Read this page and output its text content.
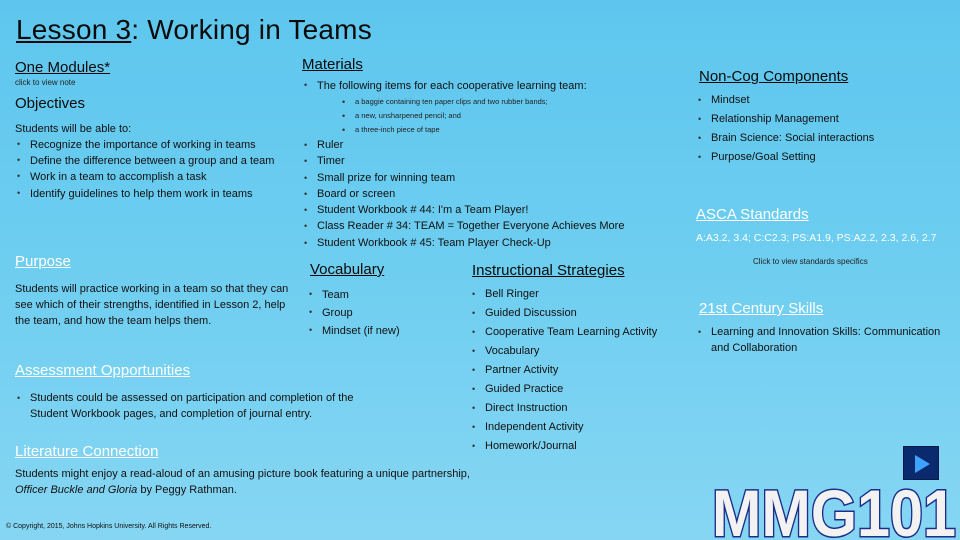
Lesson 3: Working in Teams
One Modules*
click to view note
Objectives
Students will be able to:
• Recognize the importance of working in teams
• Define the difference between a group and a team
• Work in a team to accomplish a task
• Identify guidelines to help them work in teams
Purpose
Students will practice working in a team so that they can see which of their strengths, identified in Lesson 2, help the team, and how the team helps them.
Assessment Opportunities
• Students could be assessed on participation and completion of the Student Workbook pages, and completion of journal entry.
Literature Connection
Students might enjoy a read-aloud of an amusing picture book featuring a unique partnership,
Officer Buckle and Gloria by Peggy Rathman.
Materials
• The following items for each cooperative learning team:
• a baggie containing ten paper clips and two rubber bands;
• a new, unsharpened pencil; and
• a three-inch piece of tape
• Ruler
• Timer
• Small prize for winning team
• Board or screen
• Student Workbook # 44: I'm a Team Player!
• Class Reader # 34: TEAM = Together Everyone Achieves More
• Student Workbook # 45: Team Player Check-Up
Vocabulary
• Team
• Group
• Mindset (if new)
Instructional Strategies
• Bell Ringer
• Guided Discussion
• Cooperative Team Learning Activity
• Vocabulary
• Partner Activity
• Guided Practice
• Direct Instruction
• Independent Activity
• Homework/Journal
Non-Cog Components
• Mindset
• Relationship Management
• Brain Science: Social interactions
• Purpose/Goal Setting
ASCA Standards
A:A3.2, 3.4; C:C2.3; PS:A1.9, PS:A2.2, 2.3, 2.6, 2.7
Click to view standards specifics
21st Century Skills
• Learning and Innovation Skills: Communication and Collaboration
© Copyright, 2015, Johns Hopkins University. All Rights Reserved.	MMG101
